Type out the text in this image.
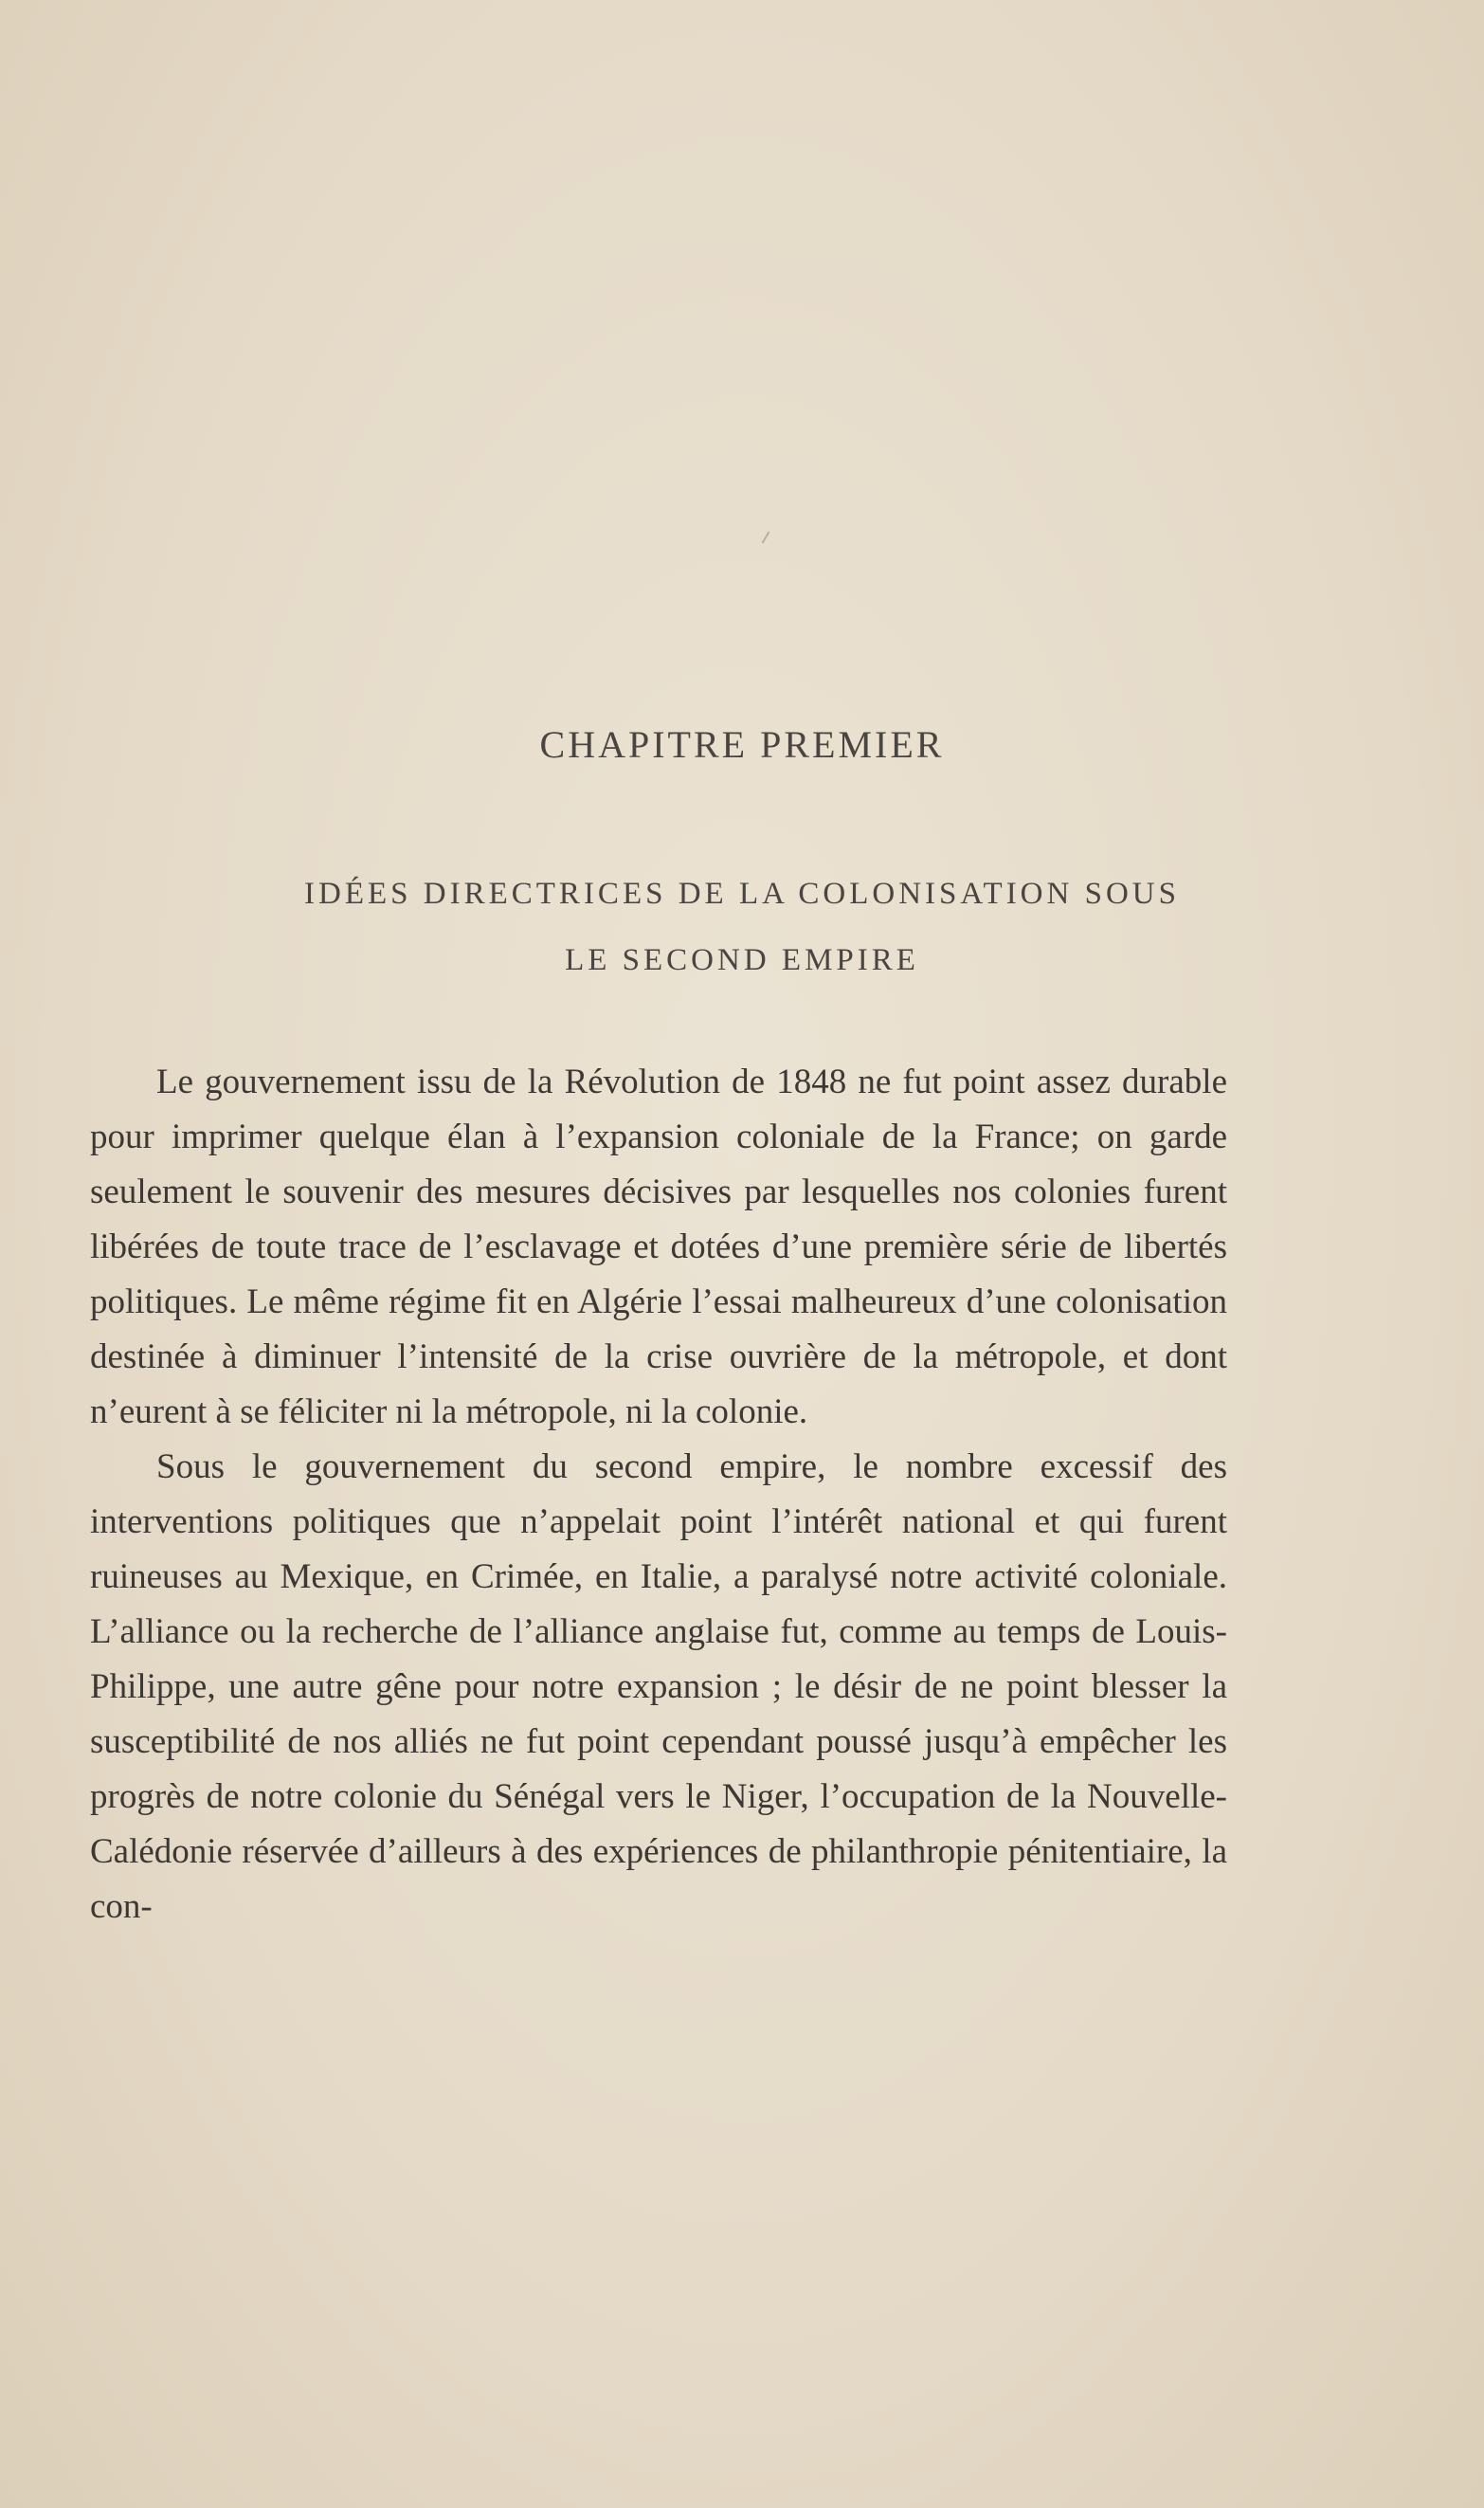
CHAPITRE PREMIER
IDÉES DIRECTRICES DE LA COLONISATION SOUS
LE SECOND EMPIRE

Le gouvernement issu de la Révolution de 1848 ne fut point assez durable pour imprimer quelque élan à l’expansion coloniale de la France; on garde seulement le souvenir des mesures décisives par lesquelles nos colonies furent libérées de toute trace de l’esclavage et dotées d’une première série de libertés politiques. Le même régime fit en Algérie l’essai malheureux d’une colonisation destinée à diminuer l’intensité de la crise ouvrière de la métropole, et dont n’eurent à se féliciter ni la métropole, ni la colonie.

Sous le gouvernement du second empire, le nombre excessif des interventions politiques que n’appelait point l’intérêt national et qui furent ruineuses au Mexique, en Crimée, en Italie, a paralysé notre activité coloniale. L’alliance ou la recherche de l’alliance anglaise fut, comme au temps de Louis-Philippe, une autre gêne pour notre expansion ; le désir de ne point blesser la susceptibilité de nos alliés ne fut point cependant poussé jusqu’à empêcher les progrès de notre colonie du Sénégal vers le Niger, l’occupation de la Nouvelle-Calédonie réservée d’ailleurs à des expériences de philanthropie pénitentiaire, la con-
